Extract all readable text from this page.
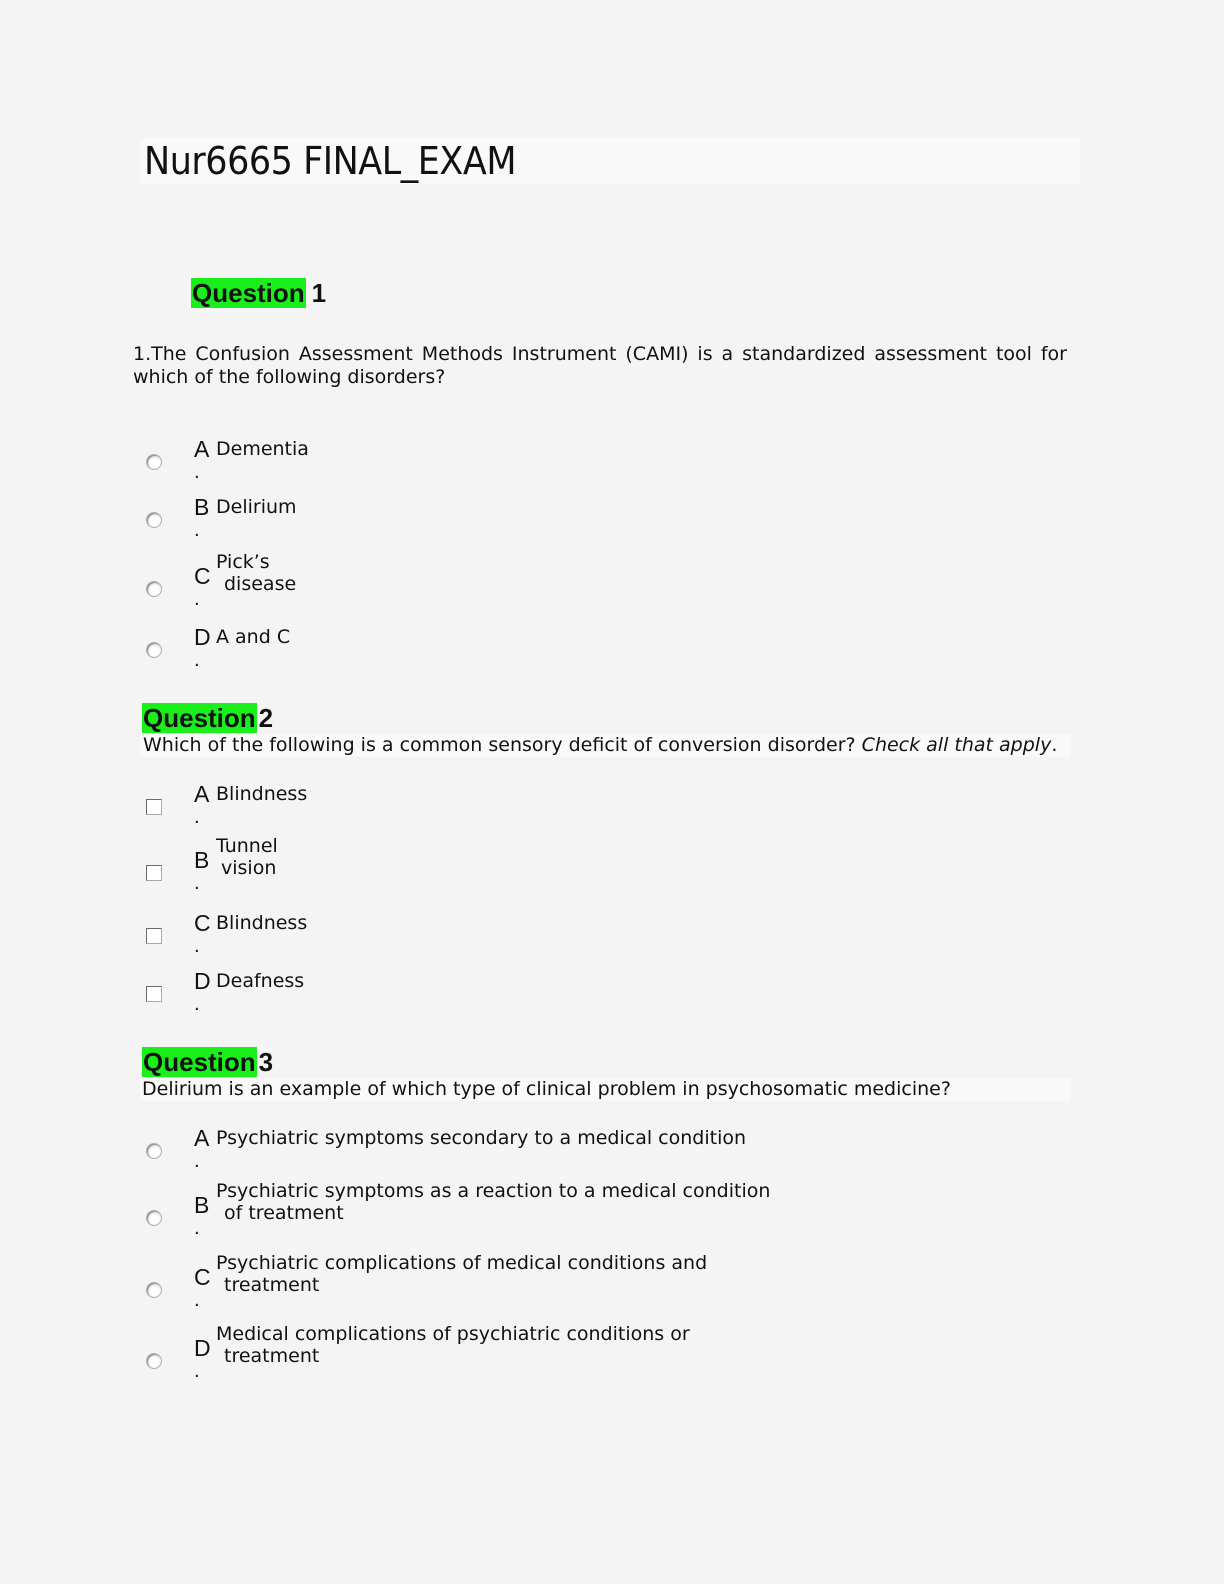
Nur6665 FINAL_EXAM
Question 1
1.The Confusion Assessment Methods Instrument (CAMI) is a standardized assessment tool for which of the following disorders?
A
.
Dementia
B
.
Delirium
C
.
Pick’s
disease
D
.
A and C
Question 2
Which of the following is a common sensory deficit of conversion disorder? Check all that apply.
A
.
Blindness
B
.
Tunnel
vision
C
.
Blindness
D
.
Deafness
Question 3
Delirium is an example of which type of clinical problem in psychosomatic medicine?
A
.
Psychiatric symptoms secondary to a medical condition
B
.
Psychiatric symptoms as a reaction to a medical condition
of treatment
C
.
Psychiatric complications of medical conditions and
treatment
D
.
Medical complications of psychiatric conditions or
treatment
